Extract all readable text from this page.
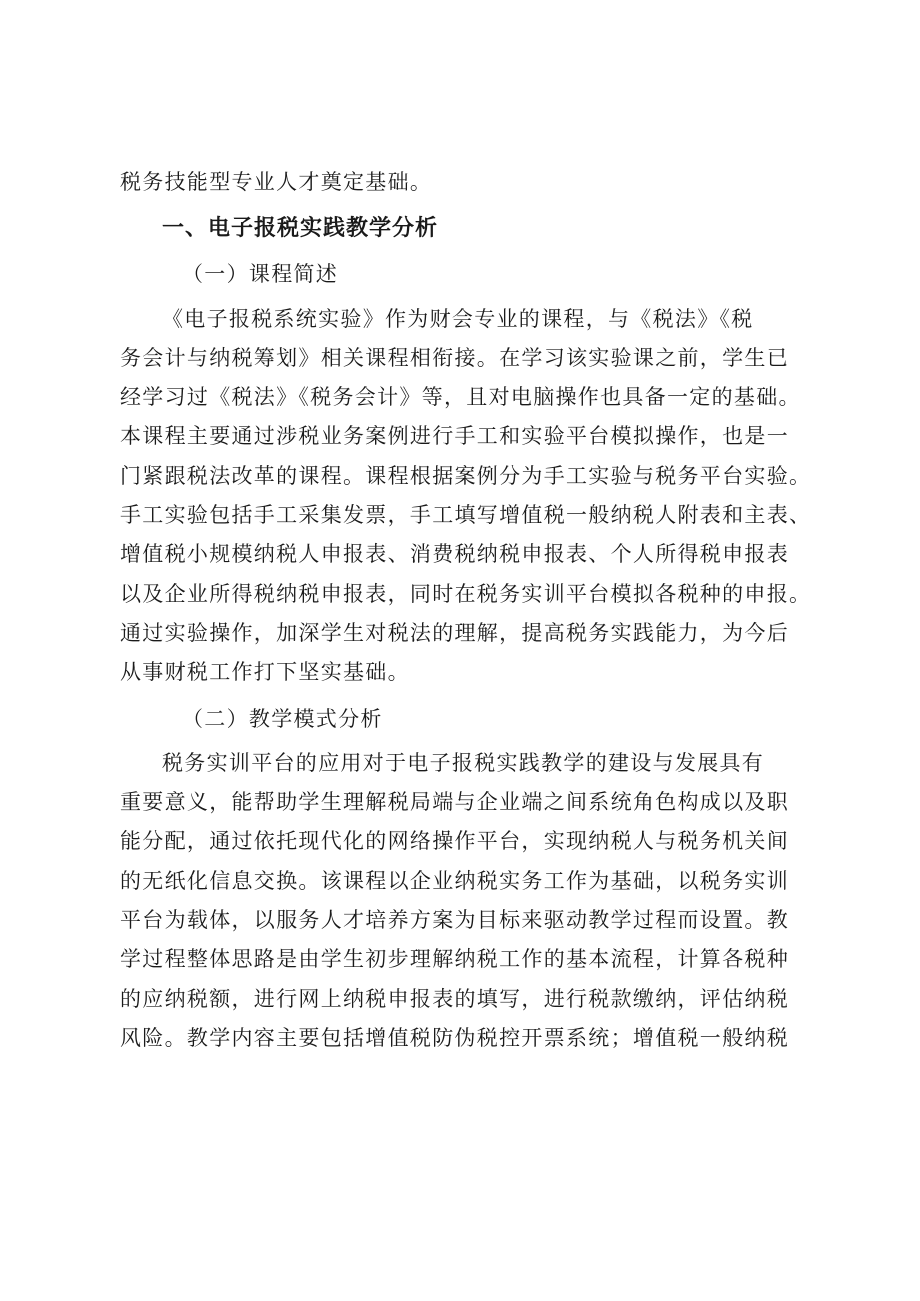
税务技能型专业人才奠定基础。
一、电子报税实践教学分析
（一）课程简述
《电子报税系统实验》作为财会专业的课程，与《税法》《税
务会计与纳税筹划》相关课程相衔接。在学习该实验课之前，学生已
经学习过《税法》《税务会计》等，且对电脑操作也具备一定的基础。
本课程主要通过涉税业务案例进行手工和实验平台模拟操作，也是一
门紧跟税法改革的课程。课程根据案例分为手工实验与税务平台实验。
手工实验包括手工采集发票，手工填写增值税一般纳税人附表和主表、
增值税小规模纳税人申报表、消费税纳税申报表、个人所得税申报表
以及企业所得税纳税申报表，同时在税务实训平台模拟各税种的申报。
通过实验操作，加深学生对税法的理解，提高税务实践能力，为今后
从事财税工作打下坚实基础。
（二）教学模式分析
税务实训平台的应用对于电子报税实践教学的建设与发展具有
重要意义，能帮助学生理解税局端与企业端之间系统角色构成以及职
能分配，通过依托现代化的网络操作平台，实现纳税人与税务机关间
的无纸化信息交换。该课程以企业纳税实务工作为基础，以税务实训
平台为载体，以服务人才培养方案为目标来驱动教学过程而设置。教
学过程整体思路是由学生初步理解纳税工作的基本流程，计算各税种
的应纳税额，进行网上纳税申报表的填写，进行税款缴纳，评估纳税
风险。教学内容主要包括增值税防伪税控开票系统；增值税一般纳税
